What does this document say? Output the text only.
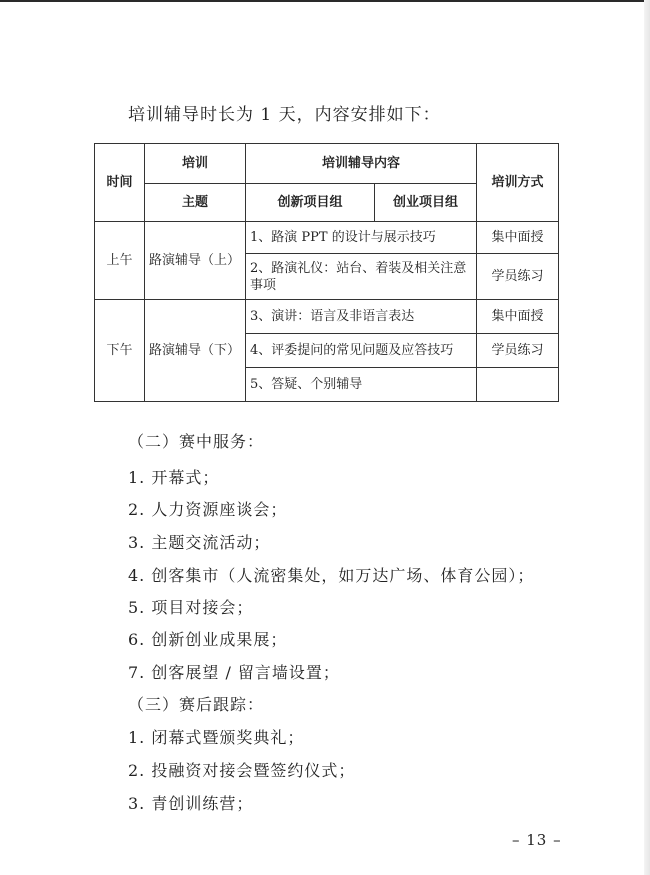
培训辅导时长为 1 天，内容安排如下：
时间	培训	培训辅导内容		培训方式
	主题	创新项目组	创业项目组	
上午	路演辅导（上）	1、路演 PPT 的设计与展示技巧		集中面授
		2、路演礼仪：站台、着装及相关注意事项		学员练习
下午	路演辅导（下）	3、演讲：语言及非语言表达		集中面授
		4、评委提问的常见问题及应答技巧		学员练习
		5、答疑、个别辅导		
（二）赛中服务：
1. 开幕式；
2. 人力资源座谈会；
3. 主题交流活动；
4. 创客集市（人流密集处，如万达广场、体育公园）；
5. 项目对接会；
6. 创新创业成果展；
7. 创客展望 / 留言墙设置；
（三）赛后跟踪：
1. 闭幕式暨颁奖典礼；
2. 投融资对接会暨签约仪式；
3. 青创训练营；
– 13 –
